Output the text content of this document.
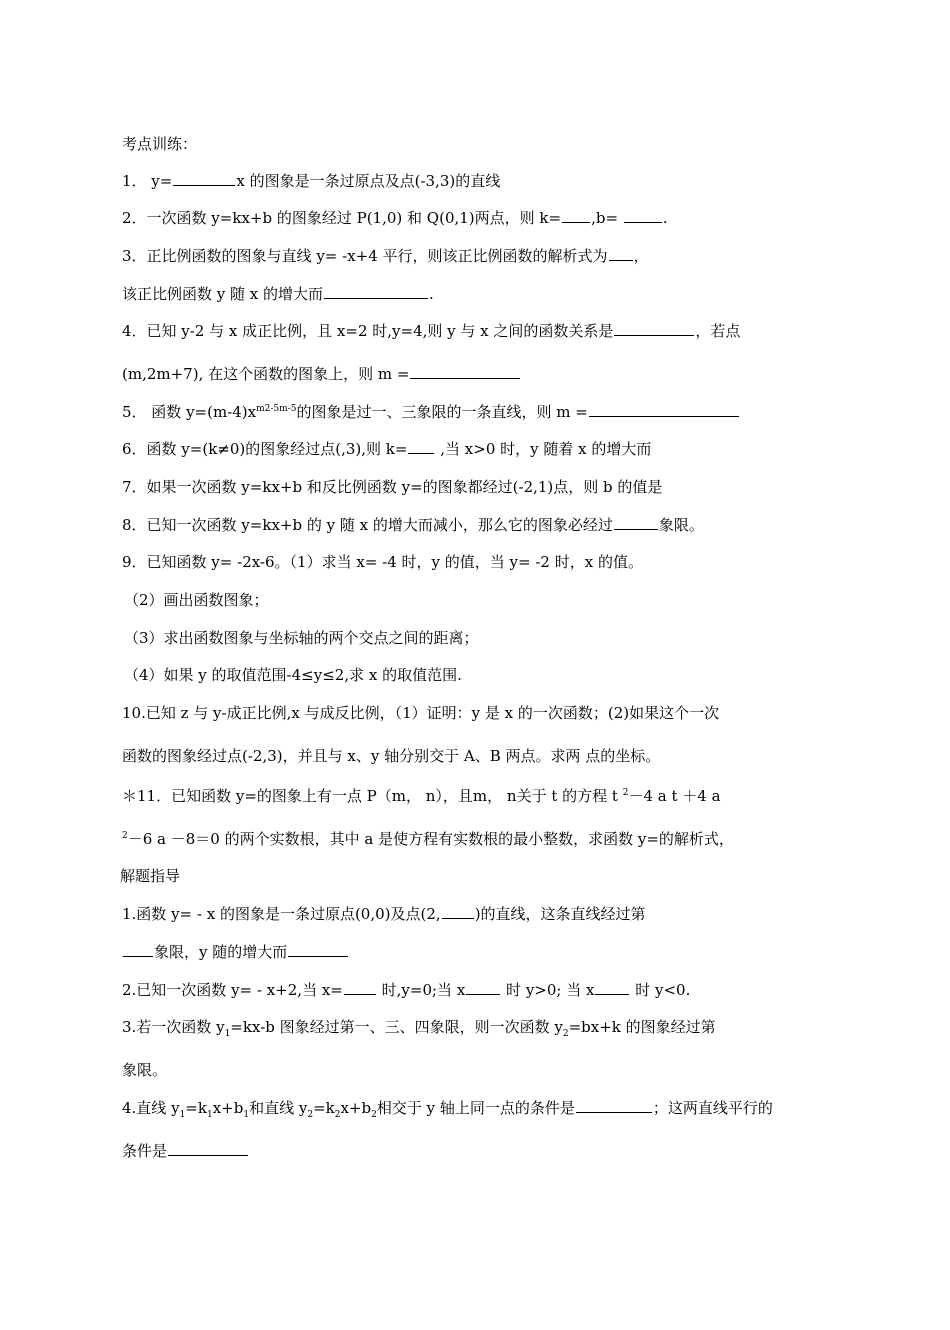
考点训练：
1． y=	x 的图象是一条过原点及点(-3,3)的直线
2．一次函数 y=kx+b 的图象经过 P(1,0) 和 Q(0,1)两点，则 k= ,b=	.
3．正比例函数的图象与直线 y= -x+4 平行，则该正比例函数的解析式为 ，
该正比例函数 y 随 x 的增大而	.
4．已知 y-2 与 x 成正比例，且 x=2 时,y=4,则 y 与 x 之间的函数关系是	，若点
(m,2m+7), 在这个函数的图象上，则 m =
5． 函数 $y=(m-4)x^{m2-5m-5}$的图象是过一、三象限的一条直线，则 m =
6．函数 y=(k≠0)的图象经过点(,3),则 k= ,当 x>0 时，y 随着 x 的增大而
7．如果一次函数 y=kx+b 和反比例函数 y=的图象都经过(-2,1)点，则 b 的值是
8．已知一次函数 y=kx+b 的 y 随 x 的增大而减小，那么它的图象必经过	象限。
9．已知函数 y= -2x-6。（1）求当 x= -4 时，y 的值，当 y= -2 时，x 的值。
（2）画出函数图象；
（3）求出函数图象与坐标轴的两个交点之间的距离；
（4）如果 y 的取值范围-4≤y≤2,求 x 的取值范围.
10.已知 z 与 y-成正比例,x 与成反比例，（1）证明：y 是 x 的一次函数；(2)如果这个一次
函数的图象经过点(-2,3)，并且与 x、y 轴分别交于 A、B 两点。求两 点的坐标。
＊11．已知函数 y=的图象上有一点 P（m， n），且m， n关于 t 的方程 t $^2$－4 a t ＋4 a
$^2$－6 a －8＝0 的两个实数根，其中 a 是使方程有实数根的最小整数，求函数 y=的解析式，
解题指导
1.函数 y= - x 的图象是一条过原点(0,0)及点(2, )的直线，这条直线经过第
象限，y 随的增大而
2.已知一次函数 y= - x+2,当 x= 时,y=0;当 x 时 y>0; 当 x 时 y<0.
3.若一次函数 $y_1=kx-b$ 图象经过第一、三、四象限，则一次函数 $y_2=bx+k$ 的图象经过第
象限。
4.直线 $y_1=k_1x+b_1$和直线 $y_2=k_2x+b_2$相交于 y 轴上同一点的条件是	；这两直线平行的
条件是
